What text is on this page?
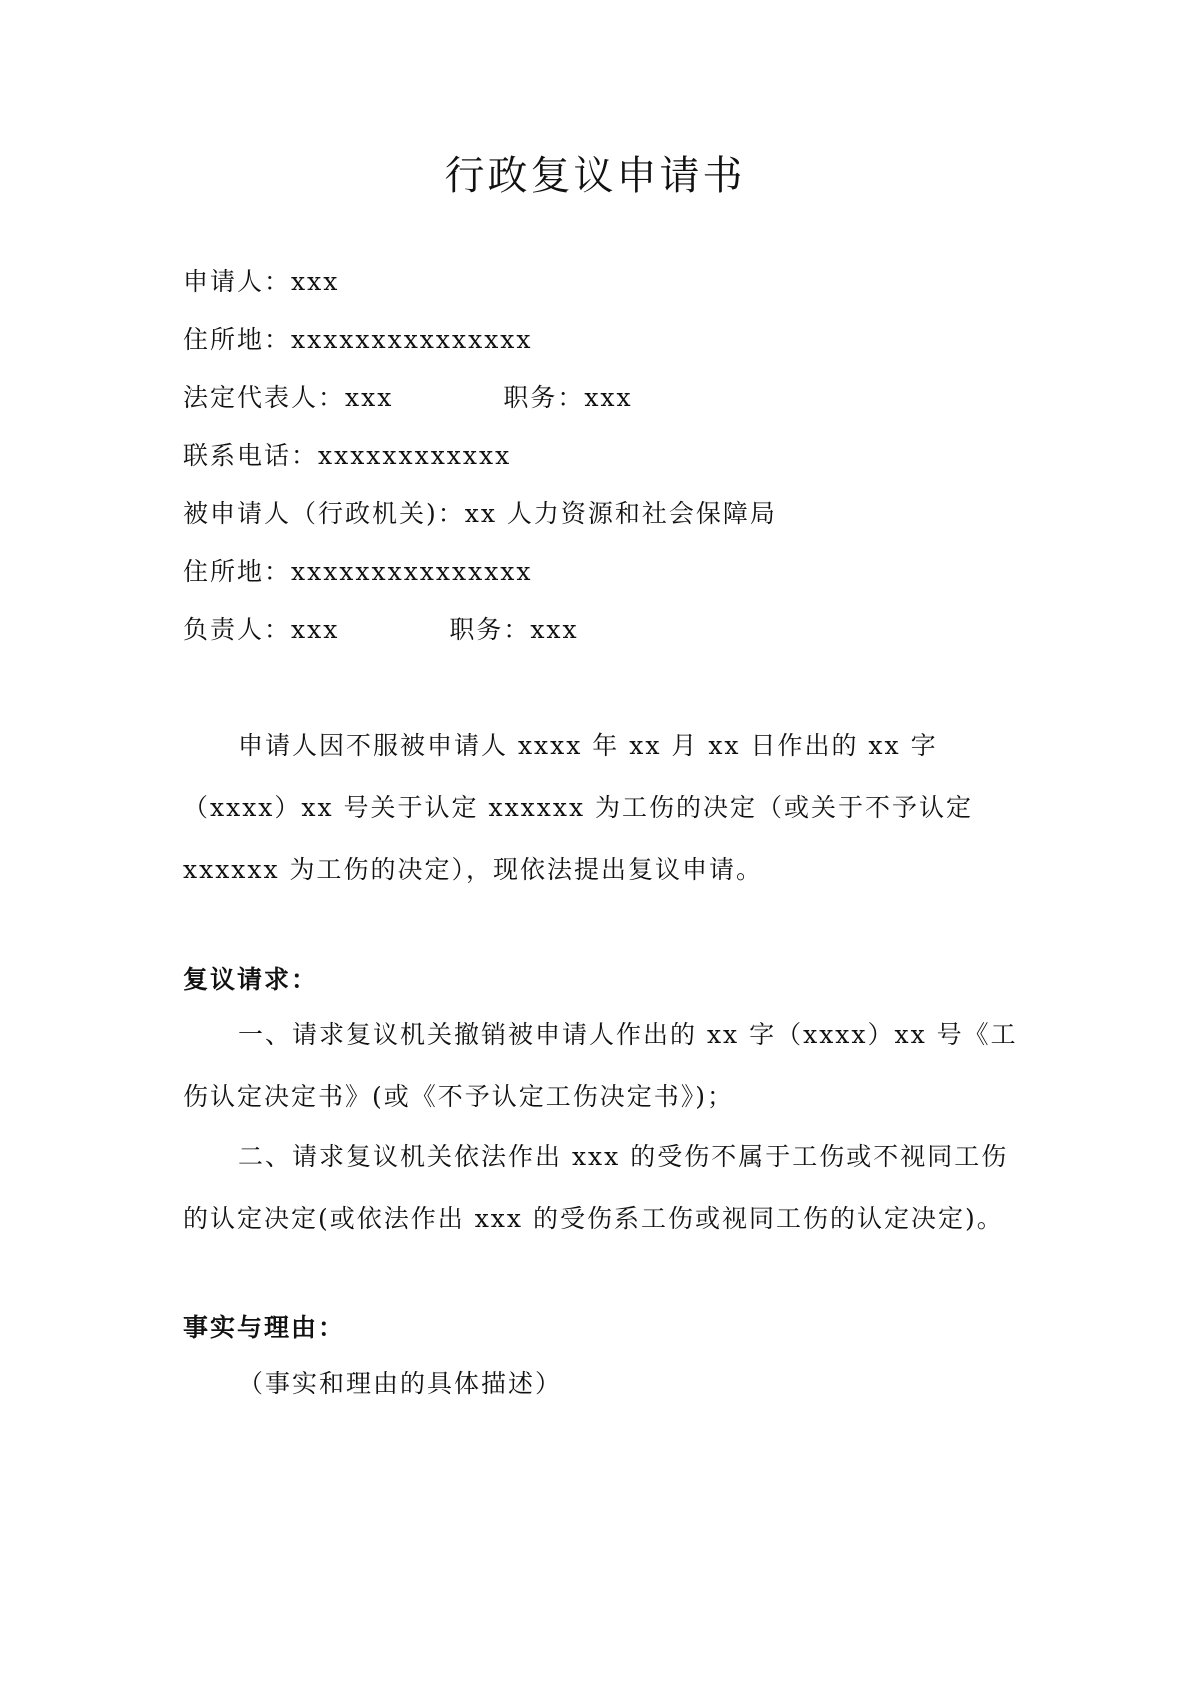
行政复议申请书
申请人：xxx
住所地：xxxxxxxxxxxxxxx
法定代表人：xxx	职务：xxx
联系电话：xxxxxxxxxxxx
被申请人（行政机关)：xx 人力资源和社会保障局
住所地：xxxxxxxxxxxxxxx
负责人：xxx	职务：xxx
申请人因不服被申请人 xxxx 年 xx 月 xx 日作出的 xx 字（xxxx）xx 号关于认定 xxxxxx 为工伤的决定（或关于不予认定 xxxxxx 为工伤的决定），现依法提出复议申请。
复议请求：
一、请求复议机关撤销被申请人作出的 xx 字（xxxx）xx 号《工伤认定决定书》(或《不予认定工伤决定书》)；
二、请求复议机关依法作出 xxx 的受伤不属于工伤或不视同工伤的认定决定(或依法作出 xxx 的受伤系工伤或视同工伤的认定决定)。
事实与理由：
（事实和理由的具体描述）
